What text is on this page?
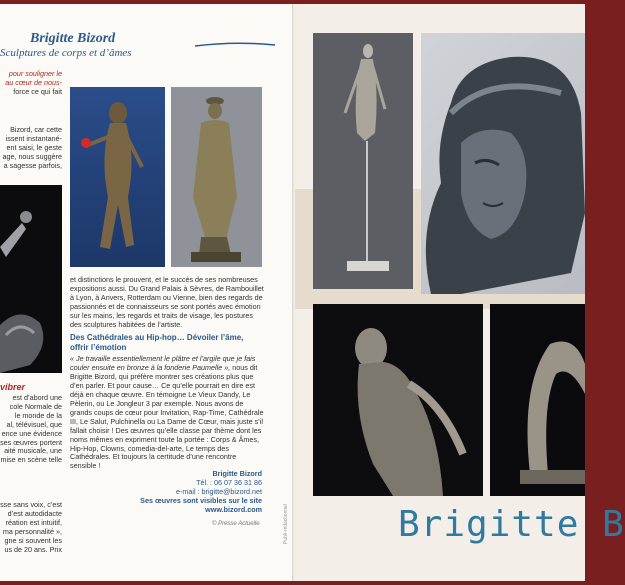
Brigitte Bizord
Sculptures de corps et d’âmes
pour souligner le
au cœur de nous-
force ce qui fait
Bizord, car cette
issent instantané-
ent saisi, le geste
age, nous suggère
a sagesse parfois,
vibrer
est d’abord une
cole Normale de
le monde de la
al, télévisuel, que
ence une évidence
ses œuvres portent
aité musicale, une
mise en scène telle
sse sans voix, c’est
d’est autodidacte
réation est intuitif,
ma personnalité »,
gne si souvent les
us de 20 ans. Prix

et distinctions le prouvent, et le succès de ses nombreuses expositions aussi. Du Grand Palais à Sèvres, de Rambouillet à Lyon, à Anvers, Rotterdam ou Vienne, bien des regards de passionnés et de connaisseurs se sont portés avec émotion sur les mains, les regards et traits de visage, les postures des sculptures habitées de l’artiste.

Des Cathédrales au Hip-hop… Dévoiler l’âme, offrir l’émotion

« Je travaille essentiellement le plâtre et l’argile que je fais couler ensuite en bronze à la fonderie Paumelle », nous dit Brigitte Bizord, qui préfère montrer ses créations plus que d’en parler. Et pour cause… Ce qu’elle pourrait en dire est déjà en chaque œuvre. En témoigne Le Vieux Dandy, Le Pèlerin, ou Le Jongleur 3 par exemple. Nous avons de grands coups de cœur pour Invitation, Rap-Time, Cathédrale III, Le Salut, Pulchinella ou La Dame de Cœur, mais juste s’il fallait choisir ! Des œuvres qu’elle classe par thème dont les noms mêmes en expriment toute la portée : Corps & Âmes, Hip-Hop, Clowns, comedia-del-arte, Le temps des Cathédrales. Et toujours la certitude d’une rencontre sensible !

Brigitte Bizord
Tél. : 06 07 36 31 86
e-mail : brigitte@bizord.net
Ses œuvres sont visibles sur le site
www.bizord.com
© Presse Actuelle	Publi-rédactionnel	Brigitte B
